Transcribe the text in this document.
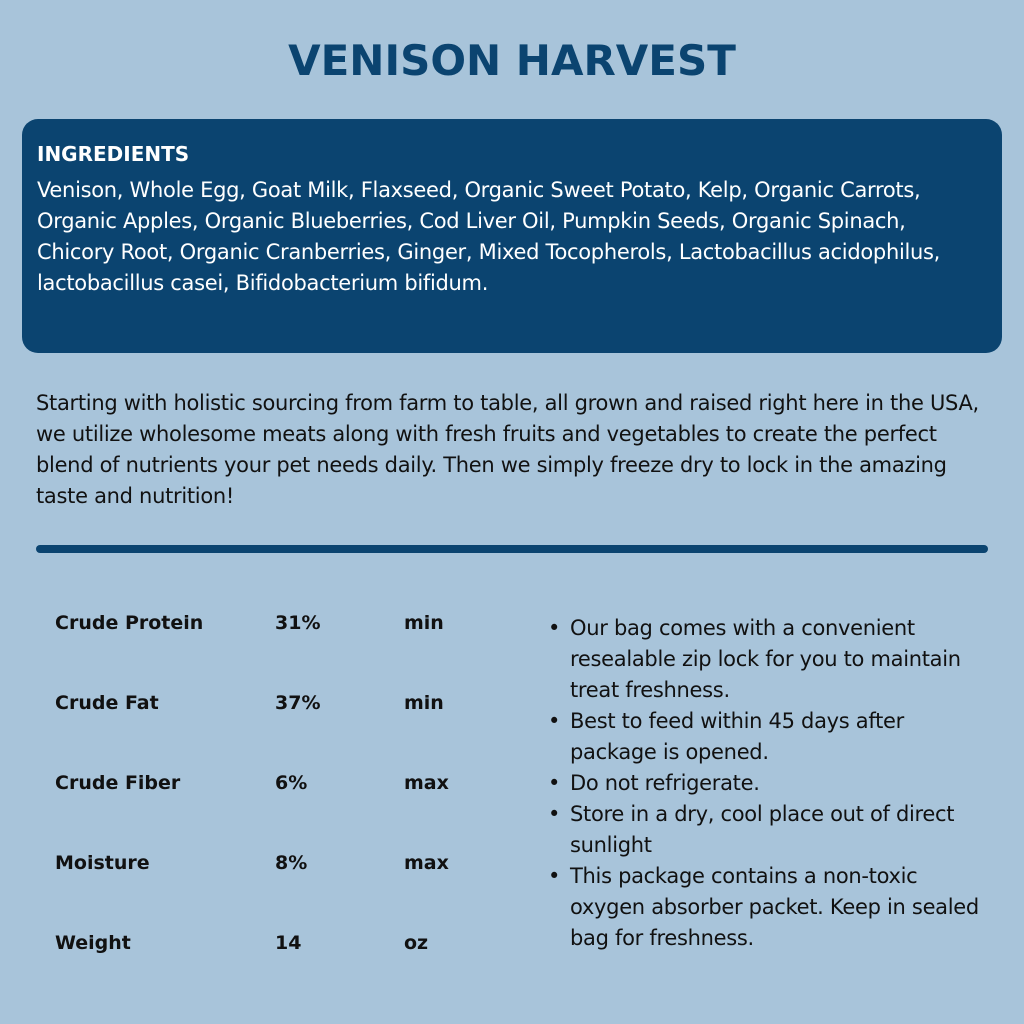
VENISON HARVEST
INGREDIENTS

Venison, Whole Egg, Goat Milk, Flaxseed, Organic Sweet Potato, Kelp, Organic Carrots, Organic Apples, Organic Blueberries, Cod Liver Oil, Pumpkin Seeds, Organic Spinach, Chicory Root, Organic Cranberries, Ginger, Mixed Tocopherols, Lactobacillus acidophilus, lactobacillus casei, Bifidobacterium bifidum.

Starting with holistic sourcing from farm to table, all grown and raised right here in the USA, we utilize wholesome meats along with fresh fruits and vegetables to create the perfect blend of nutrients your pet needs daily. Then we simply freeze dry to lock in the amazing taste and nutrition!

Crude Protein	31%	min
Crude Fat	37%	min
Crude Fiber	6%	max
Moisture	8%	max
Weight	14	oz
• Our bag comes with a convenient resealable zip lock for you to maintain treat freshness.
• Best to feed within 45 days after package is opened.
• Do not refrigerate.
• Store in a dry, cool place out of direct sunlight
• This package contains a non-toxic oxygen absorber packet. Keep in sealed bag for freshness.
